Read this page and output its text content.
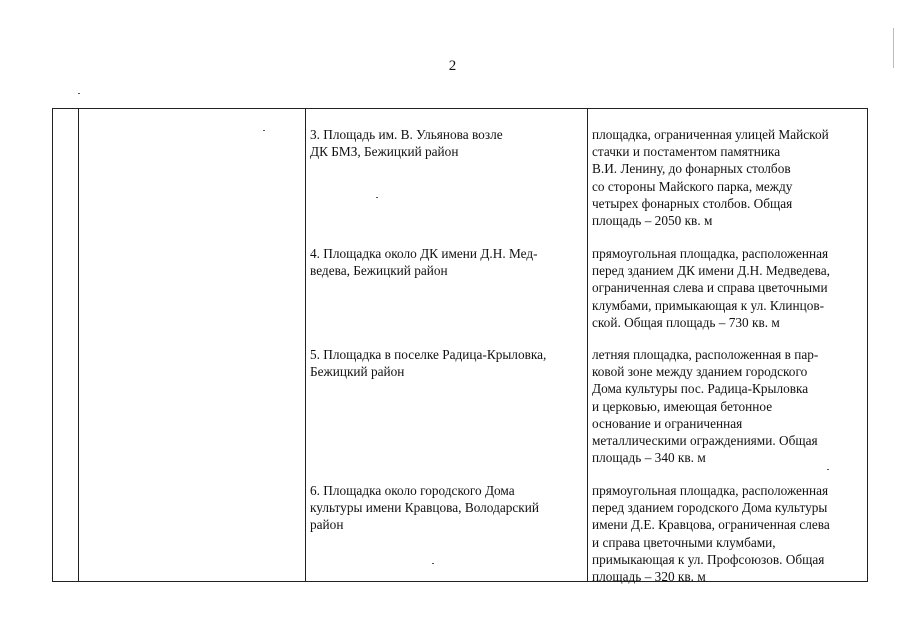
2

3. Площадь им. В. Ульянова возле
ДК БМЗ, Бежицкий район

площадка, ограниченная улицей Майской
стачки и постаментом памятника
В.И. Ленину, до фонарных столбов
со стороны Майского парка, между
четырех фонарных столбов. Общая
площадь – 2050 кв. м

4. Площадка около ДК имени Д.Н. Мед-
ведева, Бежицкий район

прямоугольная площадка, расположенная
перед зданием ДК имени Д.Н. Медведева,
ограниченная слева и справа цветочными
клумбами, примыкающая к ул. Клинцов-
ской. Общая площадь – 730 кв. м

5. Площадка в поселке Радица-Крыловка,
Бежицкий район

летняя площадка, расположенная в пар-
ковой зоне между зданием городского
Дома культуры пос. Радица-Крыловка
и церковью, имеющая бетонное
основание и ограниченная
металлическими ограждениями. Общая
площадь – 340 кв. м

6. Площадка около городского Дома
культуры имени Кравцова, Володарский
район

прямоугольная площадка, расположенная
перед зданием городского Дома культуры
имени Д.Е. Кравцова, ограниченная слева
и справа цветочными клумбами,
примыкающая к ул. Профсоюзов. Общая
площадь – 320 кв. м
